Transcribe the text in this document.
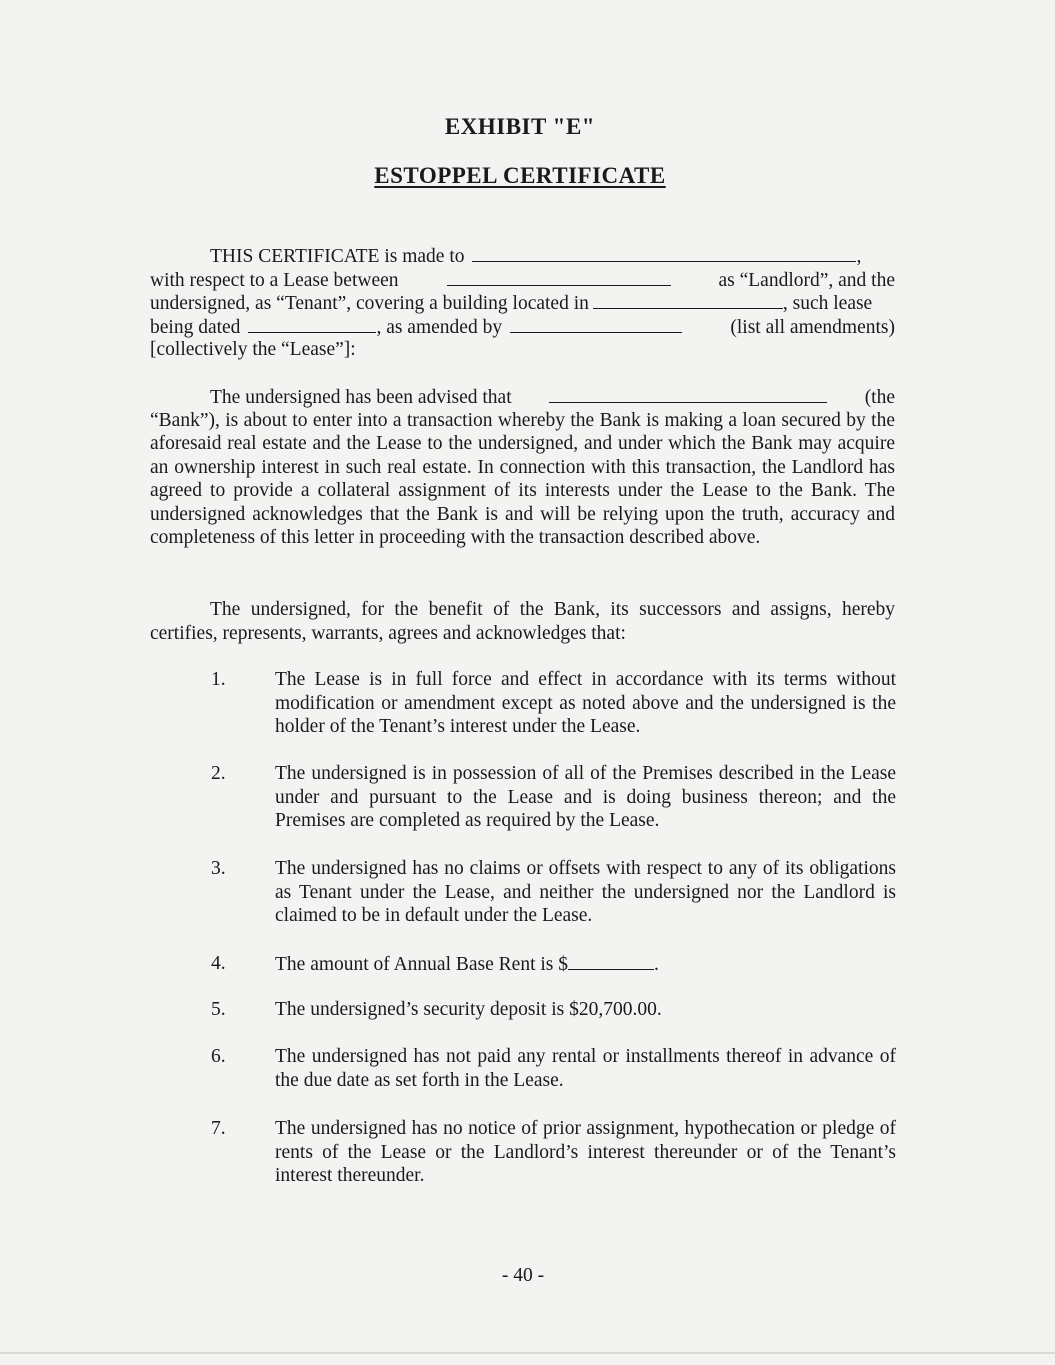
EXHIBIT "E"
ESTOPPEL CERTIFICATE
THIS CERTIFICATE is made to	,
with respect to a Lease between	as “Landlord”, and the
undersigned, as “Tenant”, covering a building located in	, such lease
being dated	, as amended by	(list all amendments)
[collectively the “Lease”]:
The undersigned has been advised that	(the
“Bank”), is about to enter into a transaction whereby the Bank is making a loan secured by the aforesaid real estate and the Lease to the undersigned, and under which the Bank may acquire an ownership interest in such real estate. In connection with this transaction, the Landlord has agreed to provide a collateral assignment of its interests under the Lease to the Bank. The undersigned acknowledges that the Bank is and will be relying upon the truth, accuracy and completeness of this letter in proceeding with the transaction described above.
The undersigned, for the benefit of the Bank, its successors and assigns, hereby certifies, represents, warrants, agrees and acknowledges that:
1.	The Lease is in full force and effect in accordance with its terms without modification or amendment except as noted above and the undersigned is the holder of the Tenant’s interest under the Lease.
2.	The undersigned is in possession of all of the Premises described in the Lease under and pursuant to the Lease and is doing business thereon; and the Premises are completed as required by the Lease.
3.	The undersigned has no claims or offsets with respect to any of its obligations as Tenant under the Lease, and neither the undersigned nor the Landlord is claimed to be in default under the Lease.
4.	The amount of Annual Base Rent is $	.
5.	The undersigned’s security deposit is $20,700.00.
6.	The undersigned has not paid any rental or installments thereof in advance of the due date as set forth in the Lease.
7.	The undersigned has no notice of prior assignment, hypothecation or pledge of rents of the Lease or the Landlord’s interest thereunder or of the Tenant’s interest thereunder.
- 40 -
